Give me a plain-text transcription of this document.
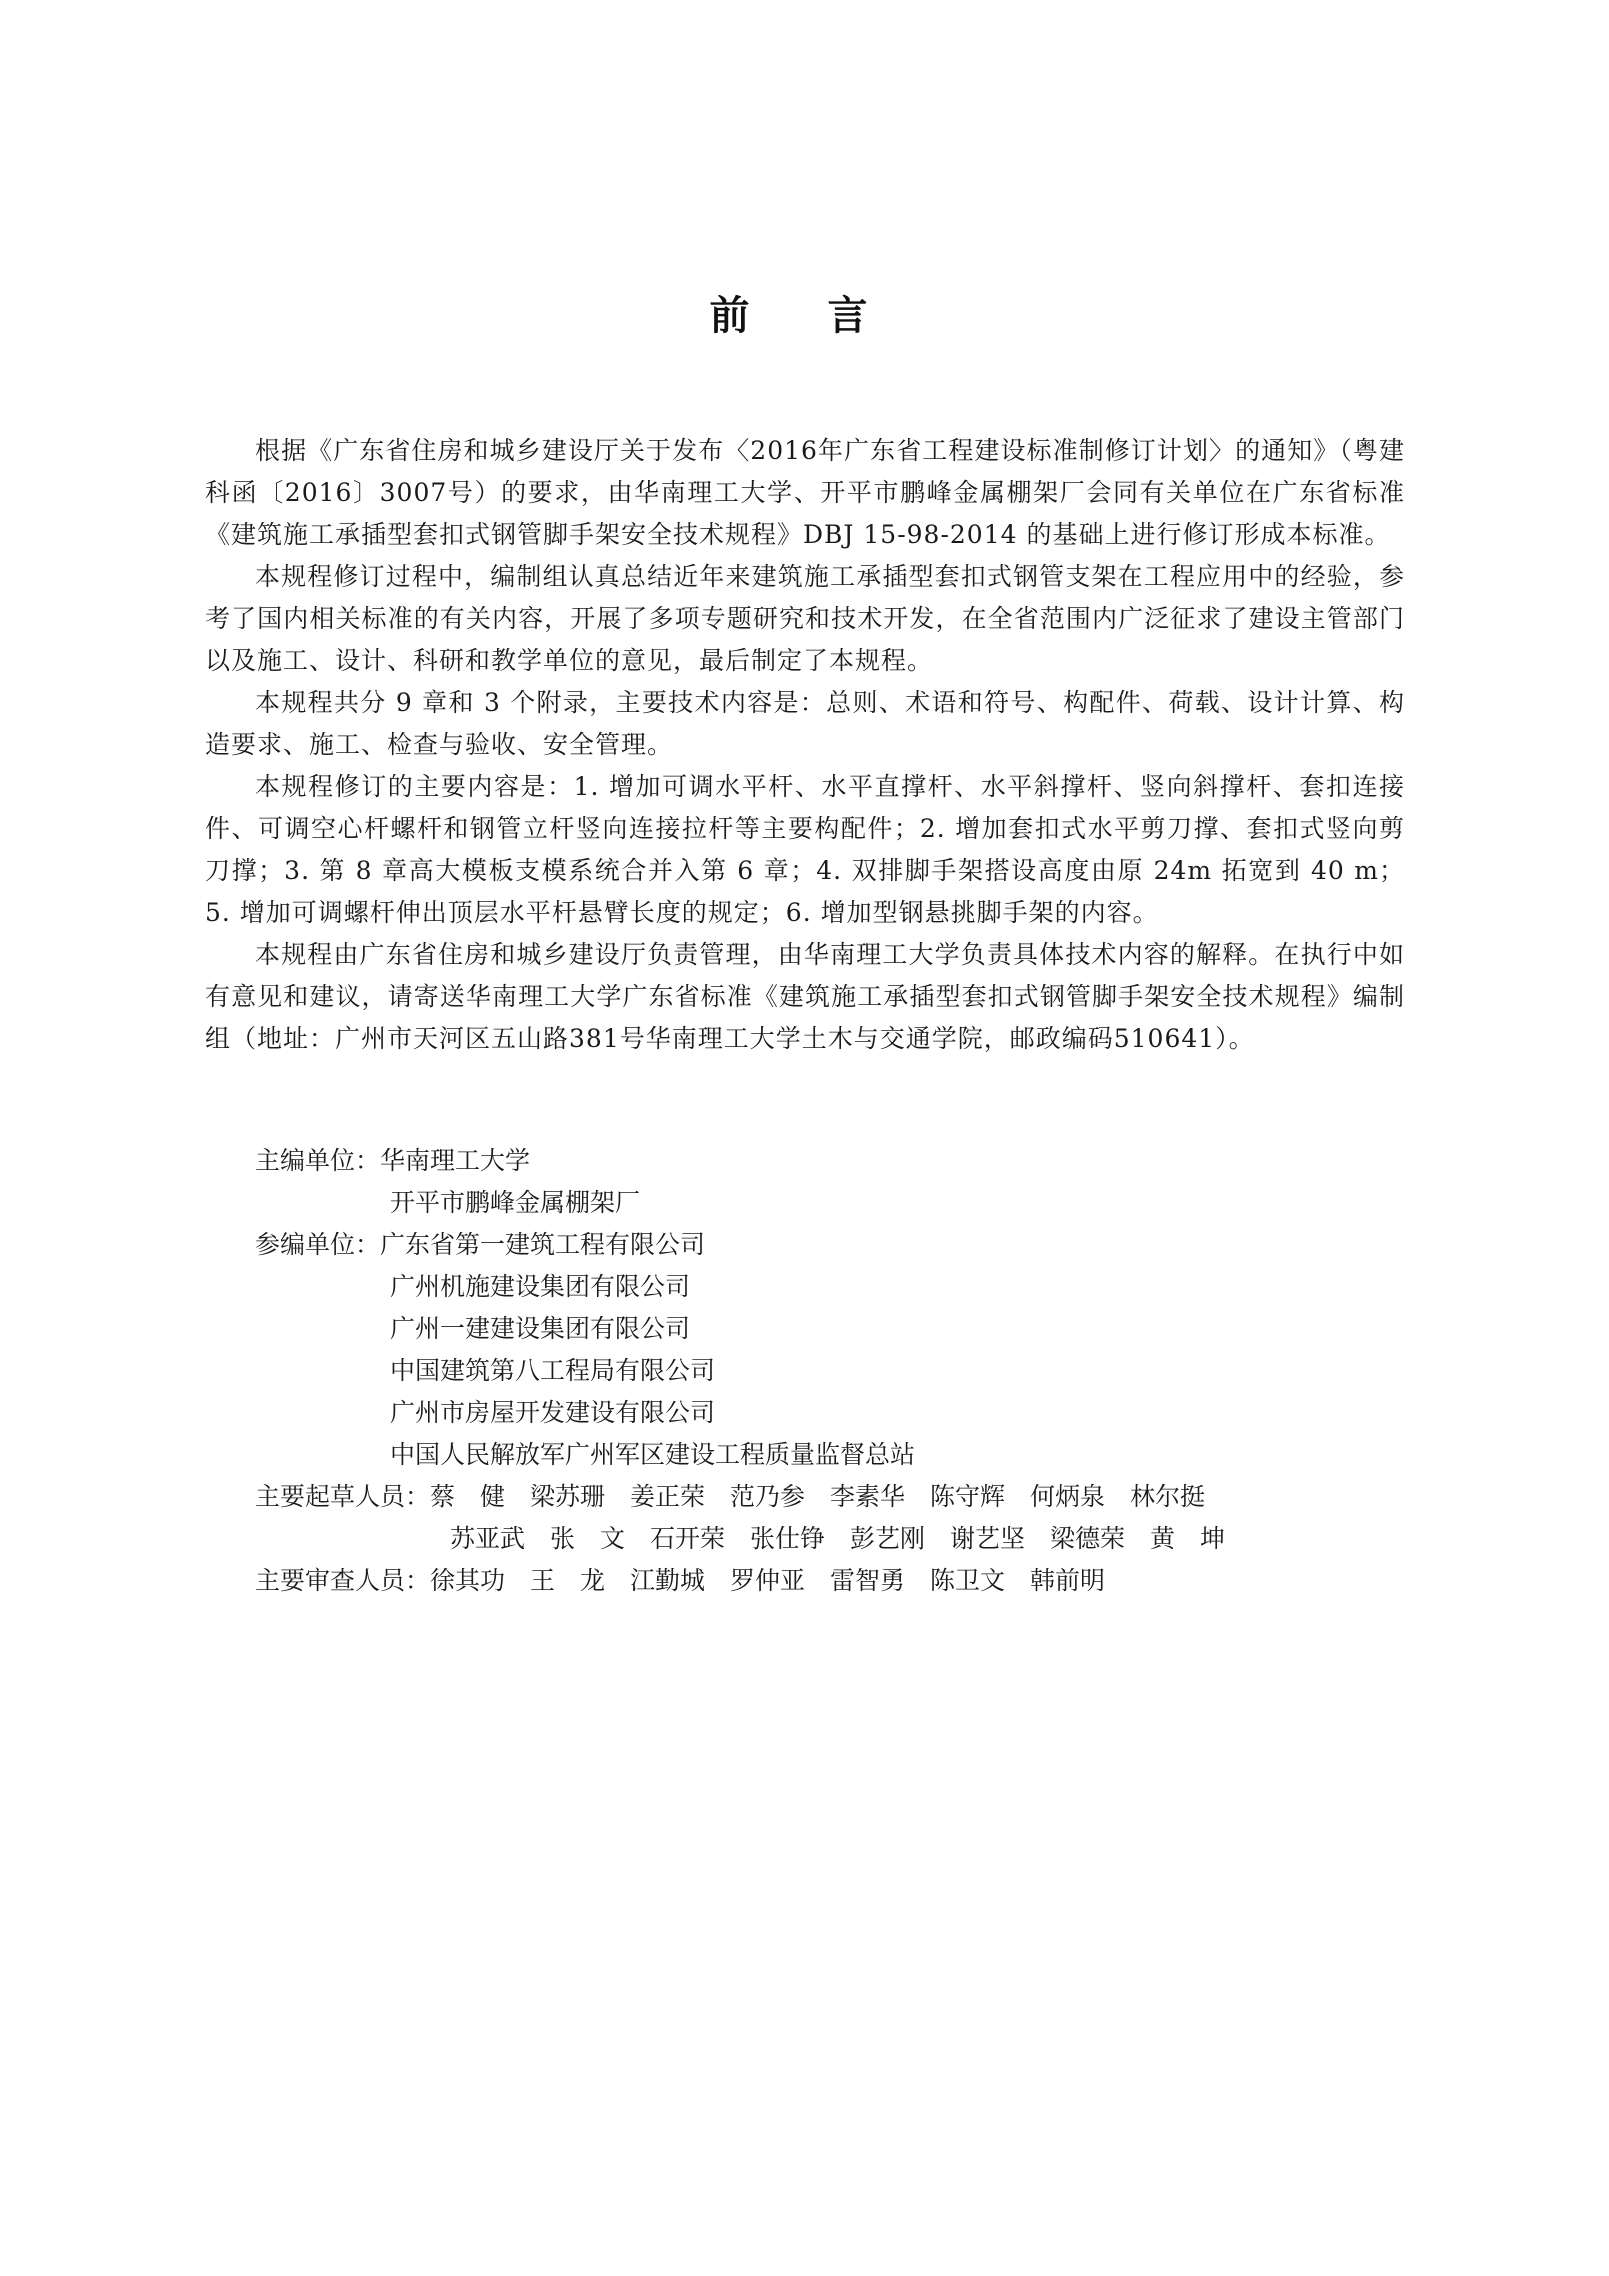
前 言

根据《广东省住房和城乡建设厅关于发布〈2016年广东省工程建设标准制修订计划〉的通知》（粤建科函〔2016〕3007号）的要求，由华南理工大学、开平市鹏峰金属棚架厂会同有关单位在广东省标准《建筑施工承插型套扣式钢管脚手架安全技术规程》DBJ 15-98-2014 的基础上进行修订形成本标准。

本规程修订过程中，编制组认真总结近年来建筑施工承插型套扣式钢管支架在工程应用中的经验，参考了国内相关标准的有关内容，开展了多项专题研究和技术开发，在全省范围内广泛征求了建设主管部门以及施工、设计、科研和教学单位的意见，最后制定了本规程。

本规程共分 9 章和 3 个附录，主要技术内容是：总则、术语和符号、构配件、荷载、设计计算、构造要求、施工、检查与验收、安全管理。

本规程修订的主要内容是：1. 增加可调水平杆、水平直撑杆、水平斜撑杆、竖向斜撑杆、套扣连接件、可调空心杆螺杆和钢管立杆竖向连接拉杆等主要构配件；2. 增加套扣式水平剪刀撑、套扣式竖向剪刀撑；3. 第 8 章高大模板支模系统合并入第 6 章；4. 双排脚手架搭设高度由原 24m 拓宽到 40 m；5. 增加可调螺杆伸出顶层水平杆悬臂长度的规定；6. 增加型钢悬挑脚手架的内容。

本规程由广东省住房和城乡建设厅负责管理，由华南理工大学负责具体技术内容的解释。在执行中如有意见和建议，请寄送华南理工大学广东省标准《建筑施工承插型套扣式钢管脚手架安全技术规程》编制组（地址：广州市天河区五山路381号华南理工大学土木与交通学院，邮政编码510641）。

主编单位： 华南理工大学
开平市鹏峰金属棚架厂
参编单位： 广东省第一建筑工程有限公司
广州机施建设集团有限公司
广州一建建设集团有限公司
中国建筑第八工程局有限公司
广州市房屋开发建设有限公司
中国人民解放军广州军区建设工程质量监督总站
主要起草人员： 蔡　健 梁苏珊 姜正荣 范乃参 李素华 陈守辉 何炳泉 林尔挺
苏亚武 张　文 石开荣 张仕铮 彭艺刚 谢艺坚 梁德荣 黄　坤
主要审查人员： 徐其功 王　龙 江勤城 罗仲亚 雷智勇 陈卫文 韩前明
